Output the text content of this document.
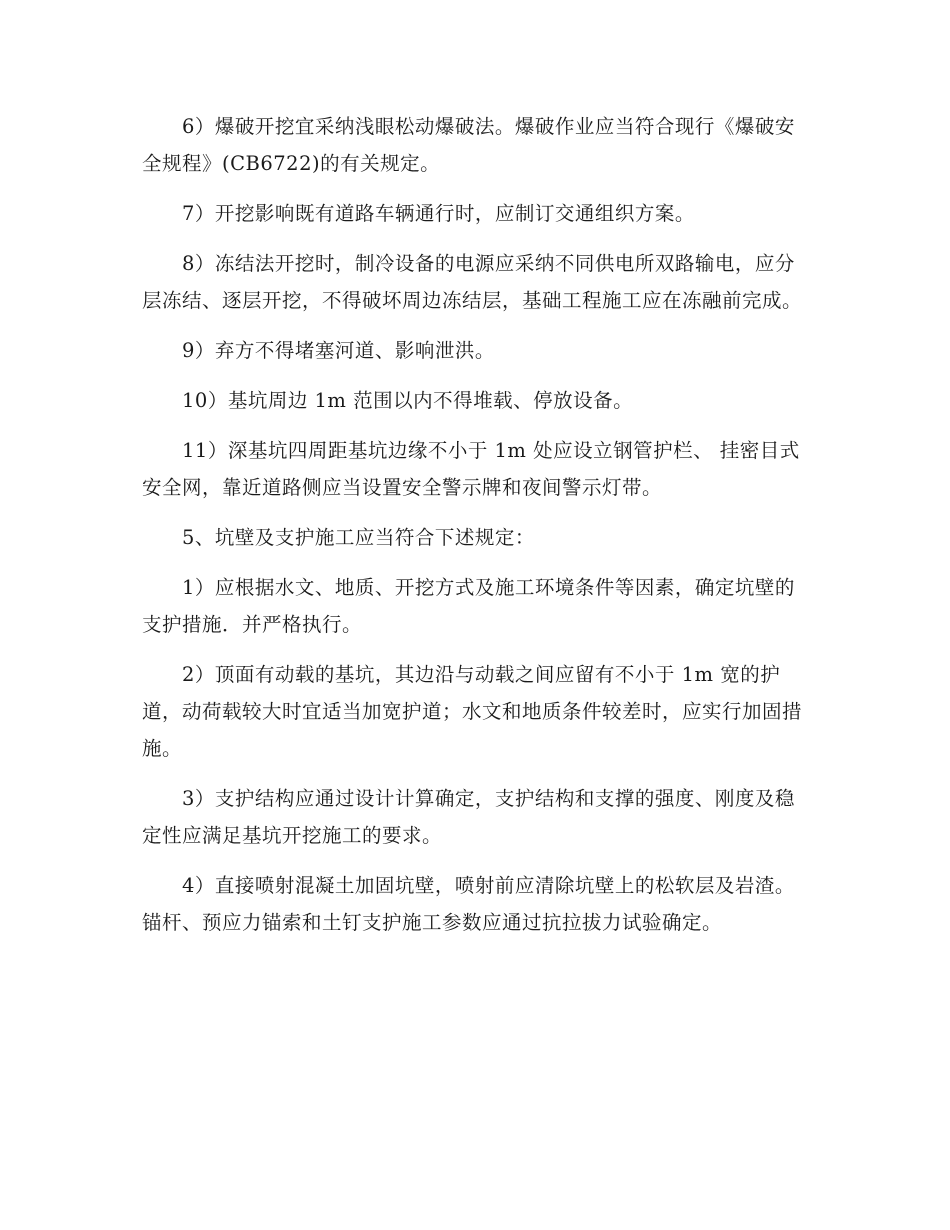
6）爆破开挖宜采纳浅眼松动爆破法。爆破作业应当符合现行《爆破安全规程》(CB6722)的有关规定。

7）开挖影响既有道路车辆通行时，应制订交通组织方案。

8）冻结法开挖时，制冷设备的电源应采纳不同供电所双路输电，应分层冻结、逐层开挖，不得破坏周边冻结层，基础工程施工应在冻融前完成。

9）弃方不得堵塞河道、影响泄洪。

10）基坑周边 1m 范围以内不得堆载、停放设备。

11）深基坑四周距基坑边缘不小于 1m 处应设立钢管护栏、 挂密目式安全网，靠近道路侧应当设置安全警示牌和夜间警示灯带。

5、坑壁及支护施工应当符合下述规定：

1）应根据水文、地质、开挖方式及施工环境条件等因素，确定坑壁的支护措施．并严格执行。

2）顶面有动载的基坑，其边沿与动载之间应留有不小于 1m 宽的护道，动荷载较大时宜适当加宽护道；水文和地质条件较差时，应实行加固措施。

3）支护结构应通过设计计算确定，支护结构和支撑的强度、刚度及稳定性应满足基坑开挖施工的要求。

4）直接喷射混凝土加固坑壁，喷射前应清除坑壁上的松软层及岩渣。锚杆、预应力锚索和土钉支护施工参数应通过抗拉拔力试验确定。
